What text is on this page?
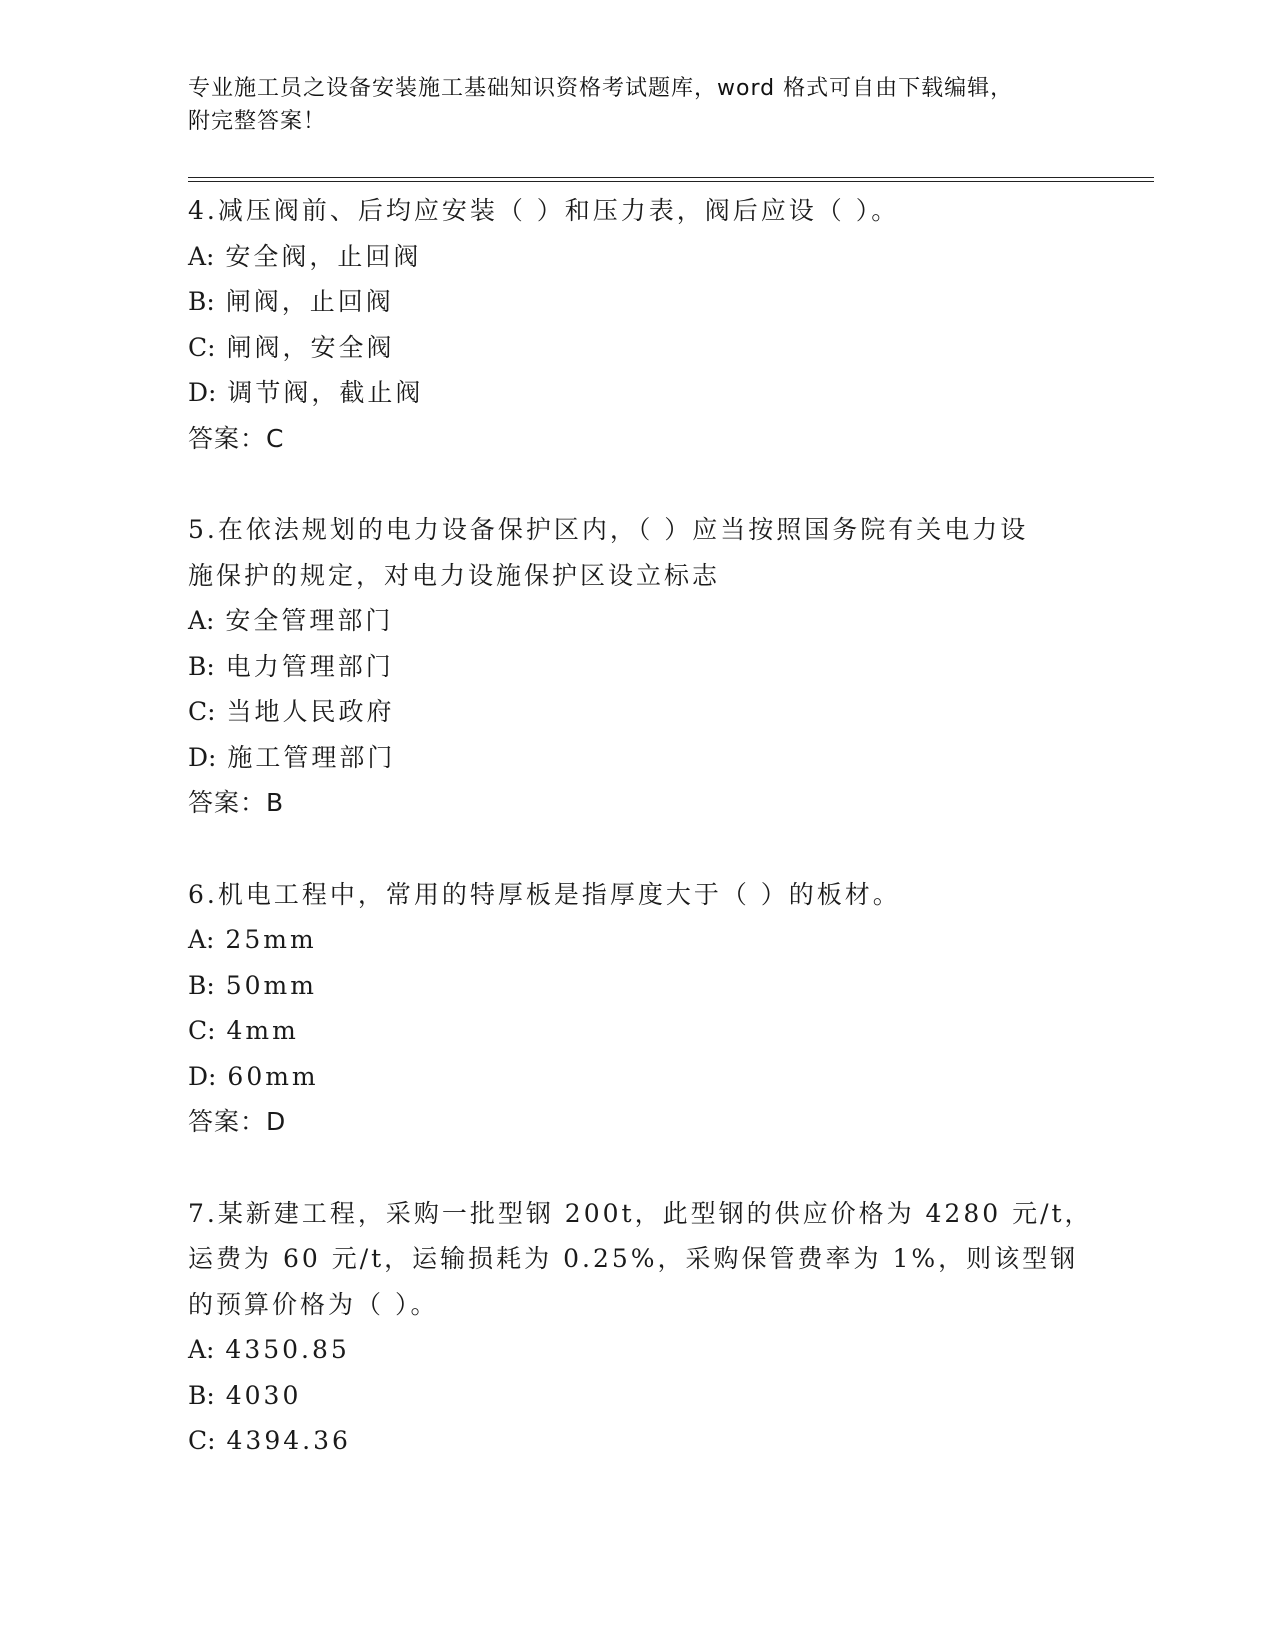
专业施工员之设备安装施工基础知识资格考试题库，word 格式可自由下载编辑，
附完整答案！
4.减压阀前、后均应安装（ ）和压力表，阀后应设（ ）。
A: 安全阀，止回阀
B: 闸阀，止回阀
C: 闸阀，安全阀
D: 调节阀，截止阀
答案：C
5.在依法规划的电力设备保护区内，（ ）应当按照国务院有关电力设
施保护的规定，对电力设施保护区设立标志
A: 安全管理部门
B: 电力管理部门
C: 当地人民政府
D: 施工管理部门
答案：B
6.机电工程中，常用的特厚板是指厚度大于（ ）的板材。
A: 25mm
B: 50mm
C: 4mm
D: 60mm
答案：D
7.某新建工程，采购一批型钢 200t，此型钢的供应价格为 4280 元/t，
运费为 60 元/t，运输损耗为 0.25%，采购保管费率为 1%，则该型钢
的预算价格为（ ）。
A: 4350.85
B: 4030
C: 4394.36
